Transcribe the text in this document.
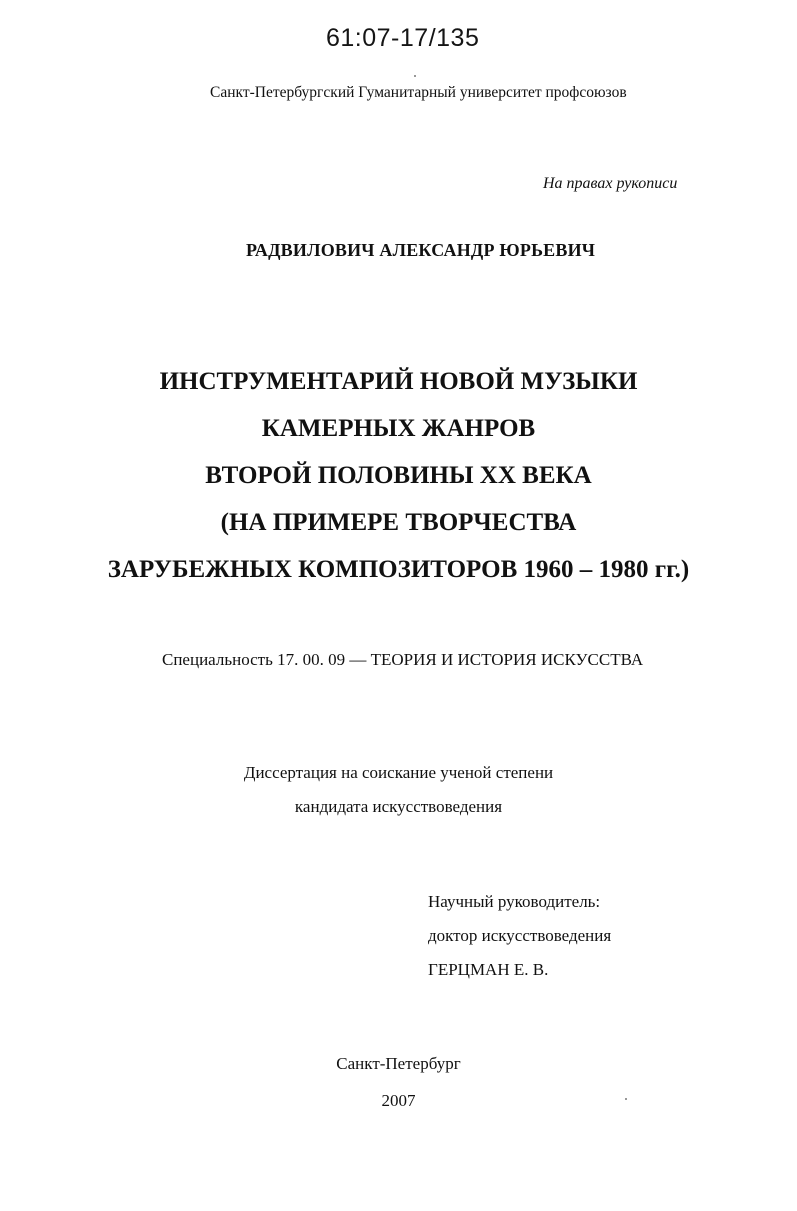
61:07-17/135
Санкт-Петербургский Гуманитарный университет профсоюзов
На правах рукописи
РАДВИЛОВИЧ АЛЕКСАНДР ЮРЬЕВИЧ
ИНСТРУМЕНТАРИЙ НОВОЙ МУЗЫКИ
КАМЕРНЫХ ЖАНРОВ
ВТОРОЙ ПОЛОВИНЫ XX ВЕКА
(НА ПРИМЕРЕ ТВОРЧЕСТВА
ЗАРУБЕЖНЫХ КОМПОЗИТОРОВ 1960 – 1980 гг.)
Специальность 17. 00. 09 — ТЕОРИЯ И ИСТОРИЯ ИСКУССТВА
Диссертация на соискание ученой степени
кандидата искусствоведения
Научный руководитель:
доктор искусствоведения
ГЕРЦМАН Е. В.
Санкт-Петербург
2007
